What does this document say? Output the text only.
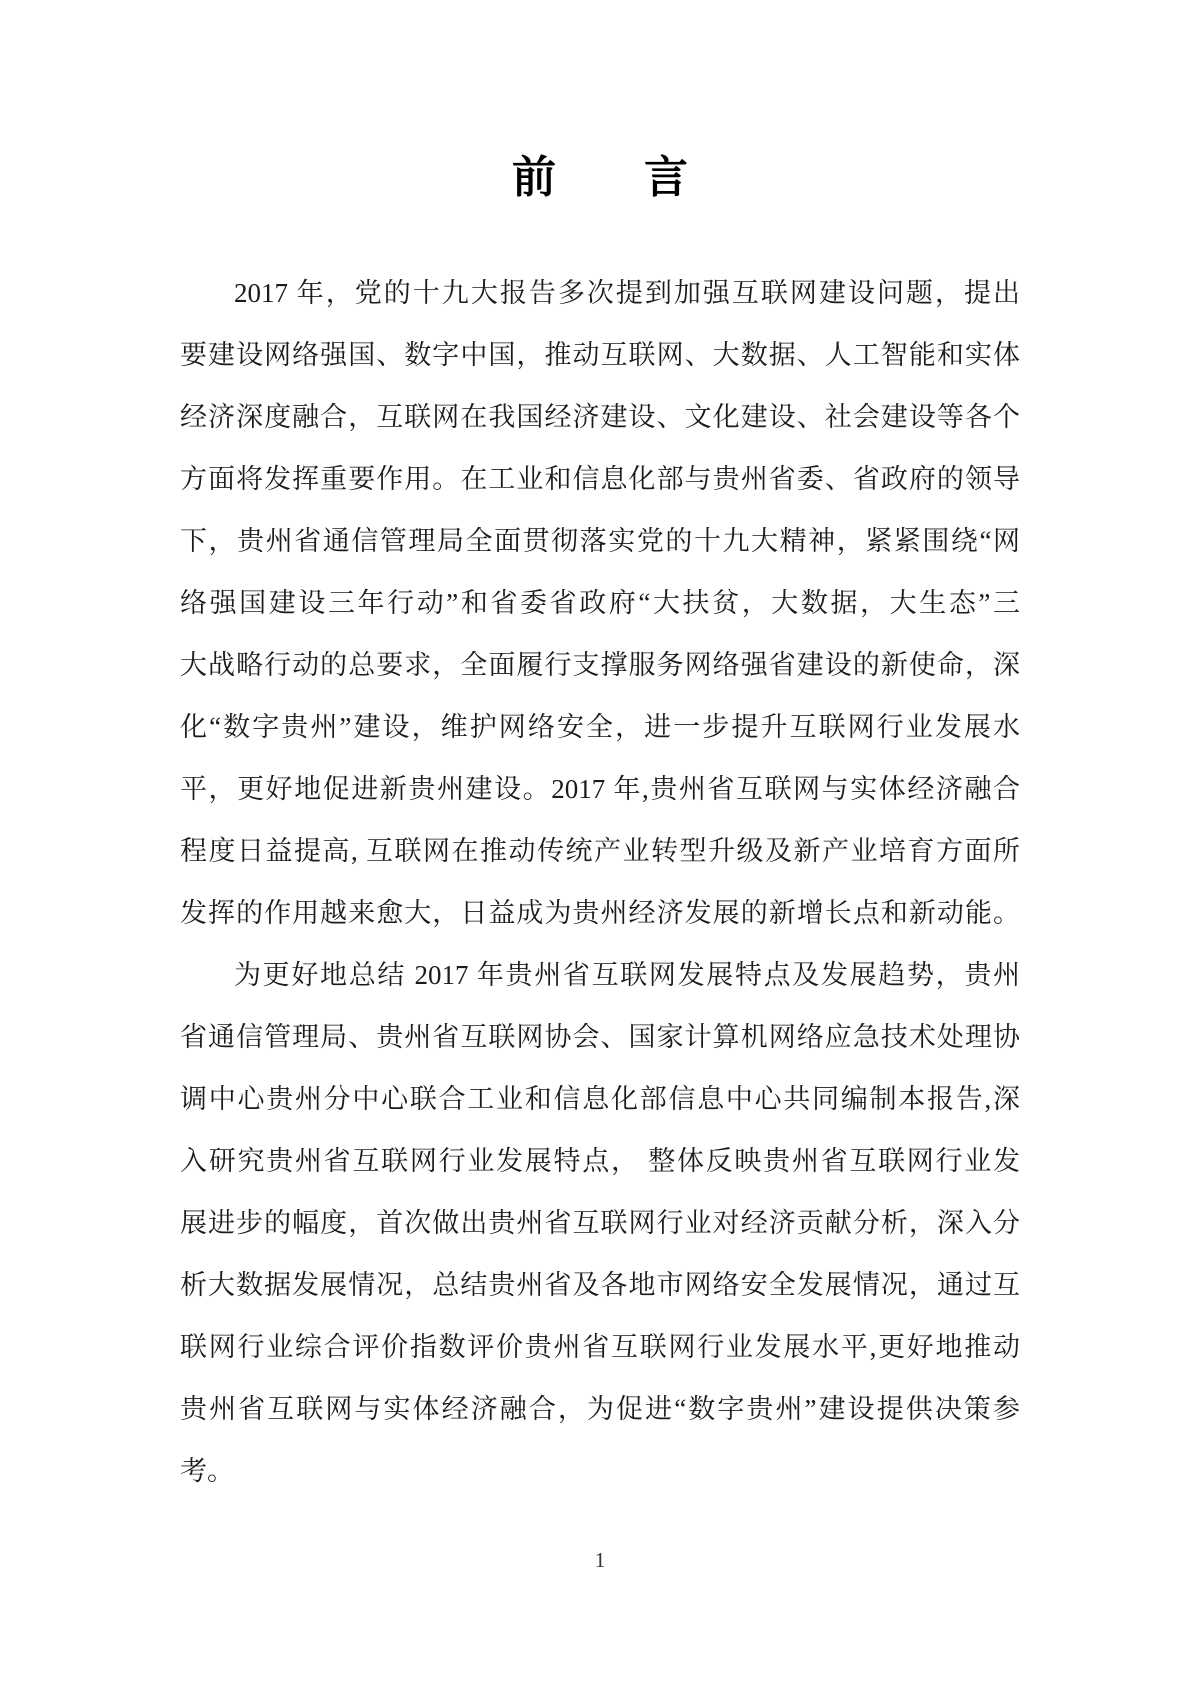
前　　言
2017 年，党的十九大报告多次提到加强互联网建设问题，提出
要建设网络强国、数字中国，推动互联网、大数据、人工智能和实体
经济深度融合，互联网在我国经济建设、文化建设、社会建设等各个
方面将发挥重要作用。在工业和信息化部与贵州省委、省政府的领导
下，贵州省通信管理局全面贯彻落实党的十九大精神，紧紧围绕“网
络强国建设三年行动”和省委省政府“大扶贫，大数据，大生态”三
大战略行动的总要求，全面履行支撑服务网络强省建设的新使命，深
化“数字贵州”建设，维护网络安全，进一步提升互联网行业发展水
平，更好地促进新贵州建设。2017 年,贵州省互联网与实体经济融合
程度日益提高, 互联网在推动传统产业转型升级及新产业培育方面所
发挥的作用越来愈大，日益成为贵州经济发展的新增长点和新动能。
为更好地总结 2017 年贵州省互联网发展特点及发展趋势，贵州
省通信管理局、贵州省互联网协会、国家计算机网络应急技术处理协
调中心贵州分中心联合工业和信息化部信息中心共同编制本报告,深
入研究贵州省互联网行业发展特点， 整体反映贵州省互联网行业发
展进步的幅度，首次做出贵州省互联网行业对经济贡献分析，深入分
析大数据发展情况，总结贵州省及各地市网络安全发展情况，通过互
联网行业综合评价指数评价贵州省互联网行业发展水平,更好地推动
贵州省互联网与实体经济融合，为促进“数字贵州”建设提供决策参
考。
1
